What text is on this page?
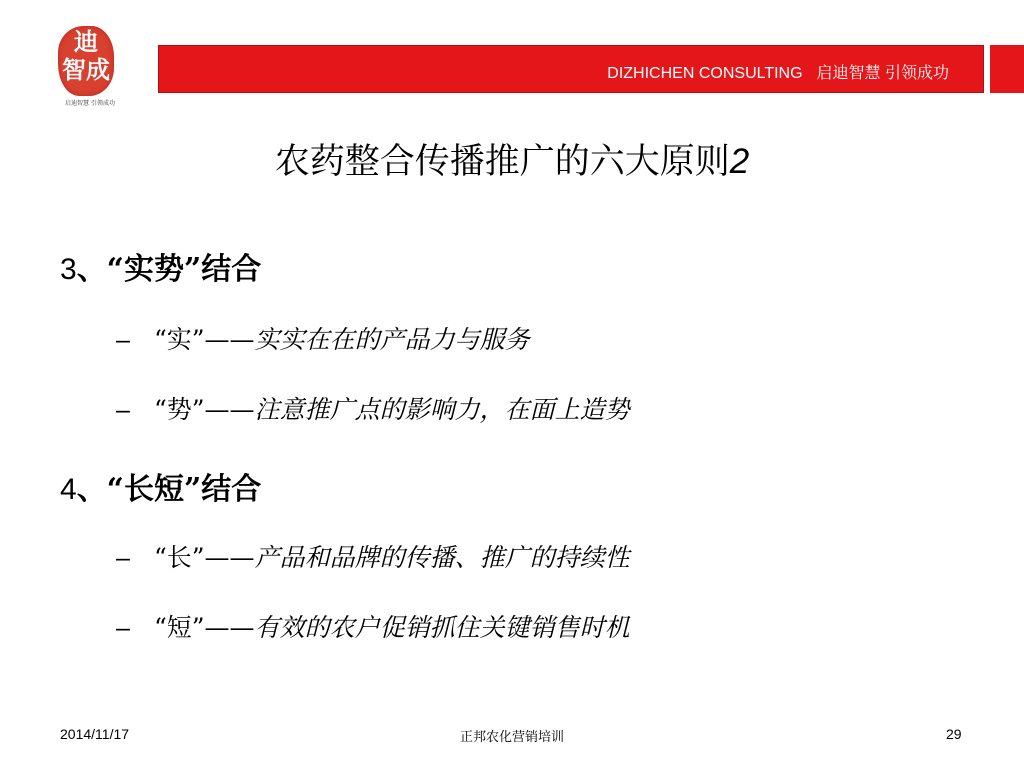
迪
智成
启迪智慧 引领成功
DIZHICHEN CONSULTING 启迪智慧 引领成功
农药整合传播推广的六大原则2
3、“实势”结合
– “实”——实实在在的产品力与服务
– “势”——注意推广点的影响力，在面上造势
4、“长短”结合
– “长”——产品和品牌的传播、推广的持续性
– “短”——有效的农户促销抓住关键销售时机
2014/11/17	正邦农化营销培训	29
